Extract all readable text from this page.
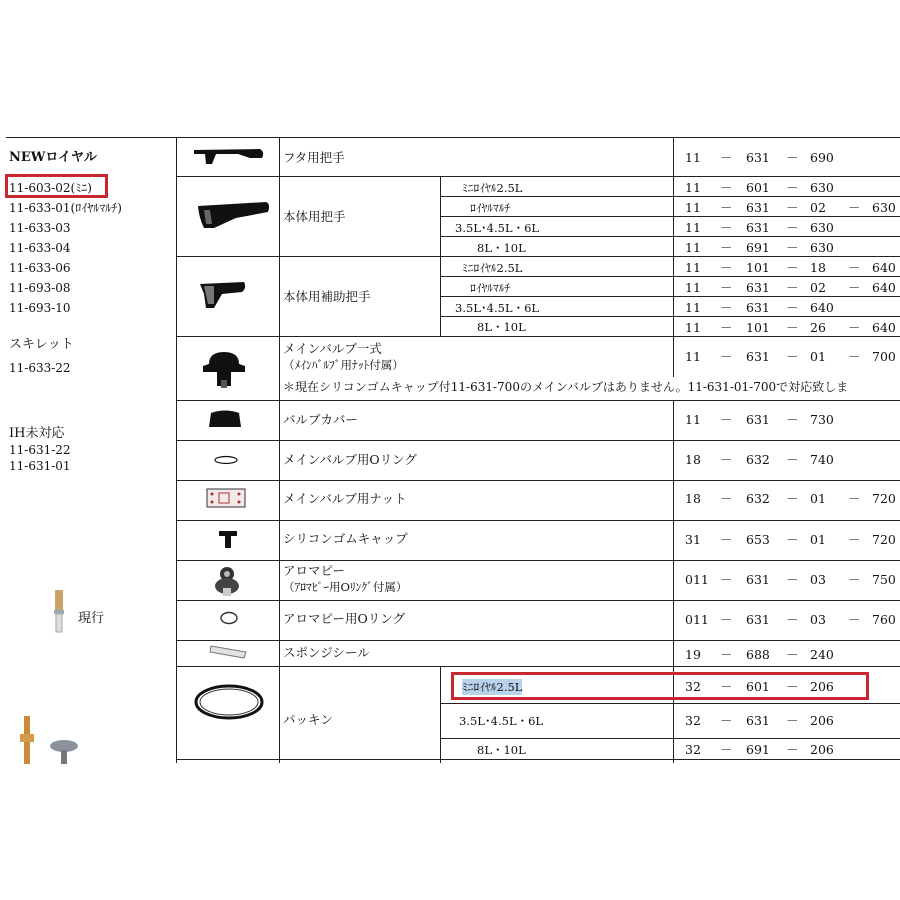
NEWロイヤル
11-603-02(ﾐﾆ)
11-633-01(ﾛｲﾔﾙﾏﾙﾁ)
11-633-03
11-633-04
11-633-06
11-693-08
11-693-10
スキレット
11-633-22
IH未対応
11-631-22
11-631-01
現行
フタ用把手
本体用把手
本体用補助把手
メインバルブ一式
（ﾒｲﾝﾊﾞﾙﾌﾞ用ﾅｯﾄ付属）
＊現在シリコンゴムキャップ付11-631-700のメインバルブはありません。11-631-01-700で対応致しま
バルブカバー
メインバルブ用Oリング
メインバルブ用ナット
シリコンゴムキャップ
アロマピー
（ｱﾛﾏﾋﾟｰ用Oﾘﾝｸﾞ付属）
アロマピー用Oリング
スポンジシール
パッキン
ﾐﾆﾛｲﾔﾙ2.5L
ﾛｲﾔﾙﾏﾙﾁ
3.5L･4.5L・6L
8L・10L
ﾐﾆﾛｲﾔﾙ2.5L
ﾛｲﾔﾙﾏﾙﾁ
3.5L･4.5L・6L
8L・10L
ﾐﾆﾛｲﾔﾙ2.5L
3.5L･4.5L・6L
8L・10L
11 － 631 － 690
11 － 601 － 630
11 － 631 － 02 － 630
11 － 631 － 630
11 － 691 － 630
11 － 101 － 18 － 640
11 － 631 － 02 － 640
11 － 631 － 640
11 － 101 － 26 － 640
11 － 631 － 01 － 700
11 － 631 － 730
18 － 632 － 740
18 － 632 － 01 － 720
31 － 653 － 01 － 720
011 － 631 － 03 － 750
011 － 631 － 03 － 760
19 － 688 － 240
32 － 601 － 206
32 － 631 － 206
32 － 691 － 206
